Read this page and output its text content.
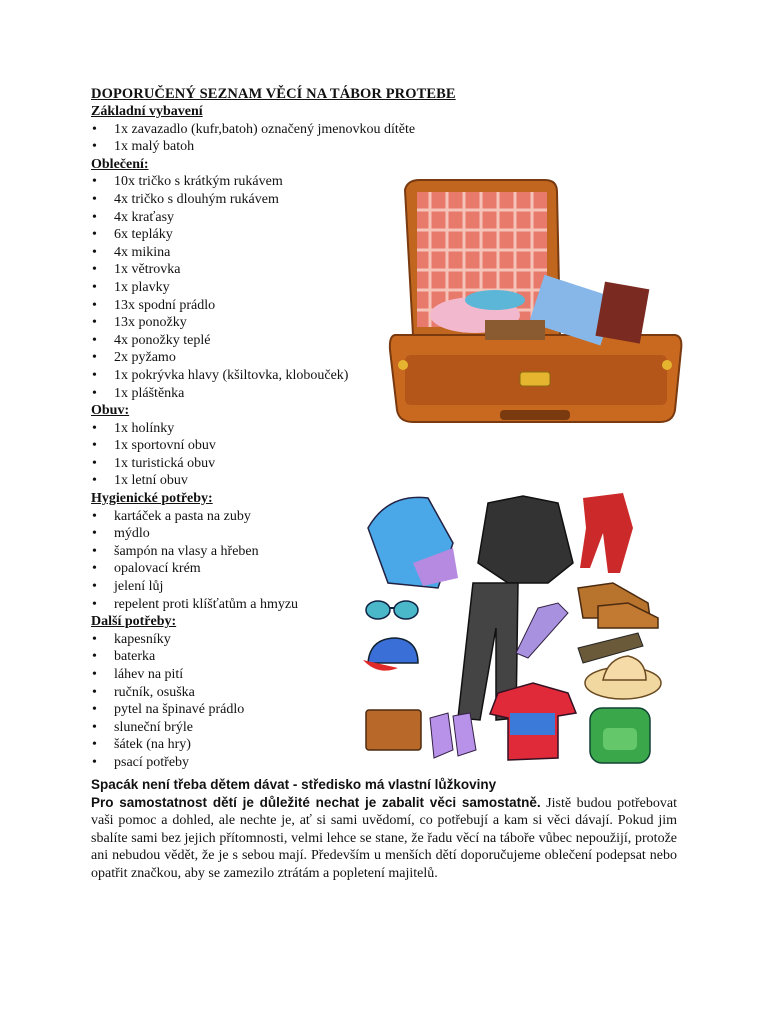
DOPORUČENÝ SEZNAM VĚCÍ NA TÁBOR PROTEBE
Základní vybavení
• 1x zavazadlo (kufr,batoh) označený jmenovkou dítěte
• 1x malý batoh
Oblečení:
• 10x tričko s krátkým rukávem
• 4x tričko s dlouhým rukávem
• 4x kraťasy
• 6x tepláky
• 4x mikina
• 1x větrovka
• 1x plavky
• 13x spodní prádlo
• 13x ponožky
• 4x ponožky teplé
• 2x pyžamo
• 1x pokrývka hlavy (kšiltovka, klobouček)
• 1x pláštěnka
Obuv:
• 1x holínky
• 1x sportovní obuv
• 1x turistická obuv
• 1x letní obuv
Hygienické potřeby:
• kartáček a pasta na zuby
• mýdlo
• šampón na vlasy a hřeben
• opalovací krém
• jelení lůj
• repelent proti klíšťatům a hmyzu
Další potřeby:
• kapesníky
• baterka
• láhev na pití
• ručník, osuška
• pytel na špinavé prádlo
• sluneční brýle
• šátek (na hry)
• psací potřeby
Spacák není třeba dětem dávat - středisko má vlastní lůžkoviny

Pro samostatnost dětí je důležité nechat je zabalit věci samostatně. Jistě budou potřebovat vaši pomoc a dohled, ale nechte je, ať si sami uvědomí, co potřebují a kam si věci dávají. Pokud jim sbalíte sami bez jejich přítomnosti, velmi lehce se stane, že řadu věcí na táboře vůbec nepoužijí, protože ani nebudou vědět, že je s sebou mají. Především u menších dětí doporučujeme oblečení podepsat nebo opatřit značkou, aby se zamezilo ztrátám a popletení majitelů.
